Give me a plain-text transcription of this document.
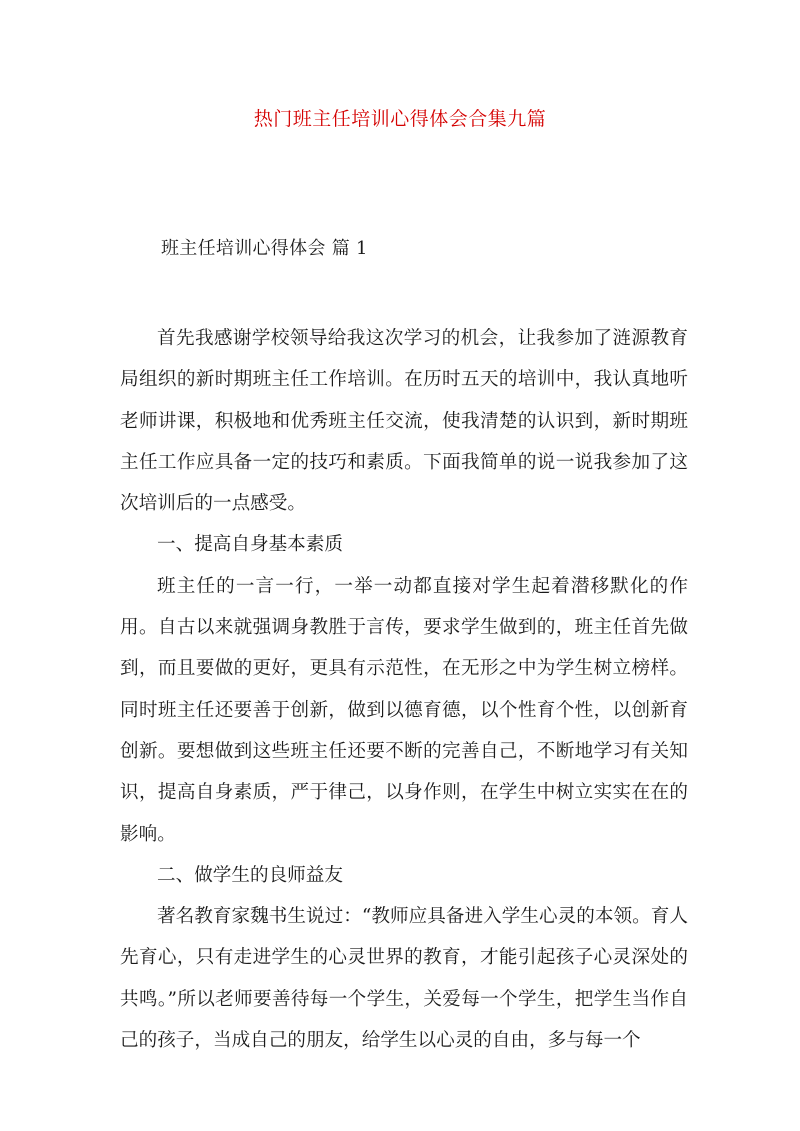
热门班主任培训心得体会合集九篇
班主任培训心得体会 篇 1

首先我感谢学校领导给我这次学习的机会，让我参加了涟源教育局组织的新时期班主任工作培训。在历时五天的培训中，我认真地听老师讲课，积极地和优秀班主任交流，使我清楚的认识到，新时期班主任工作应具备一定的技巧和素质。下面我简单的说一说我参加了这次培训后的一点感受。

一、提高自身基本素质

班主任的一言一行，一举一动都直接对学生起着潜移默化的作用。自古以来就强调身教胜于言传，要求学生做到的，班主任首先做到，而且要做的更好，更具有示范性，在无形之中为学生树立榜样。同时班主任还要善于创新，做到以德育德，以个性育个性，以创新育创新。要想做到这些班主任还要不断的完善自己，不断地学习有关知识，提高自身素质，严于律己，以身作则，在学生中树立实实在在的影响。

二、做学生的良师益友

著名教育家魏书生说过：“教师应具备进入学生心灵的本领。育人先育心，只有走进学生的心灵世界的教育，才能引起孩子心灵深处的共鸣。”所以老师要善待每一个学生，关爱每一个学生，把学生当作自己的孩子，当成自己的朋友，给学生以心灵的自由，多与每一个
